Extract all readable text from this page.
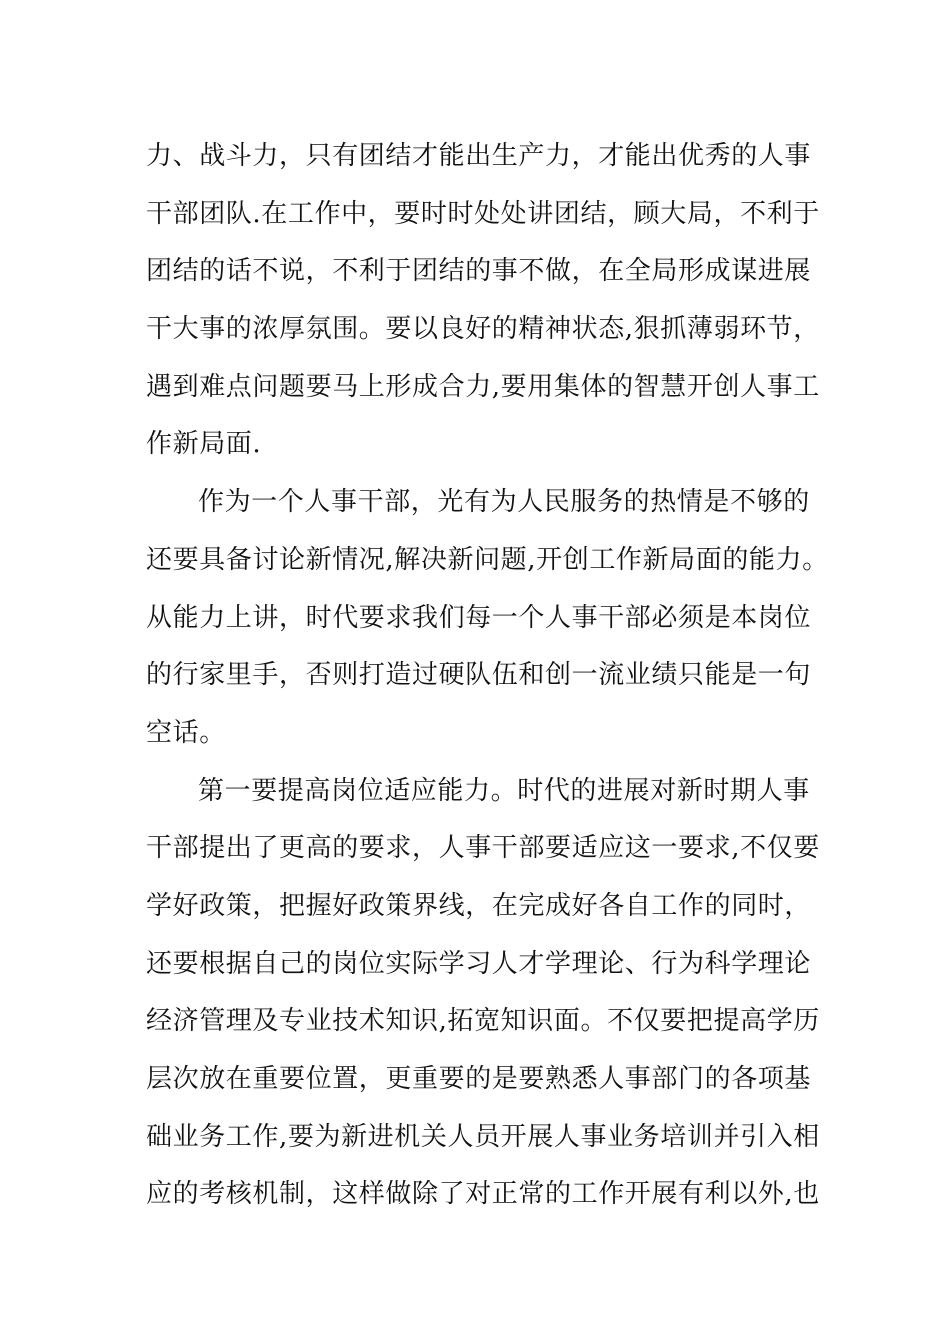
力、战斗力，只有团结才能出生产力，才能出优秀的人事
干部团队.在工作中，要时时处处讲团结，顾大局，不利于
团结的话不说，不利于团结的事不做，在全局形成谋进展
干大事的浓厚氛围。要以良好的精神状态,狠抓薄弱环节，
遇到难点问题要马上形成合力,要用集体的智慧开创人事工
作新局面.
作为一个人事干部，光有为人民服务的热情是不够的
还要具备讨论新情况,解决新问题,开创工作新局面的能力。
从能力上讲，时代要求我们每一个人事干部必须是本岗位
的行家里手，否则打造过硬队伍和创一流业绩只能是一句
空话。
第一要提高岗位适应能力。时代的进展对新时期人事
干部提出了更高的要求，人事干部要适应这一要求,不仅要
学好政策，把握好政策界线，在完成好各自工作的同时，
还要根据自己的岗位实际学习人才学理论、行为科学理论
经济管理及专业技术知识,拓宽知识面。不仅要把提高学历
层次放在重要位置，更重要的是要熟悉人事部门的各项基
础业务工作,要为新进机关人员开展人事业务培训并引入相
应的考核机制，这样做除了对正常的工作开展有利以外,也
